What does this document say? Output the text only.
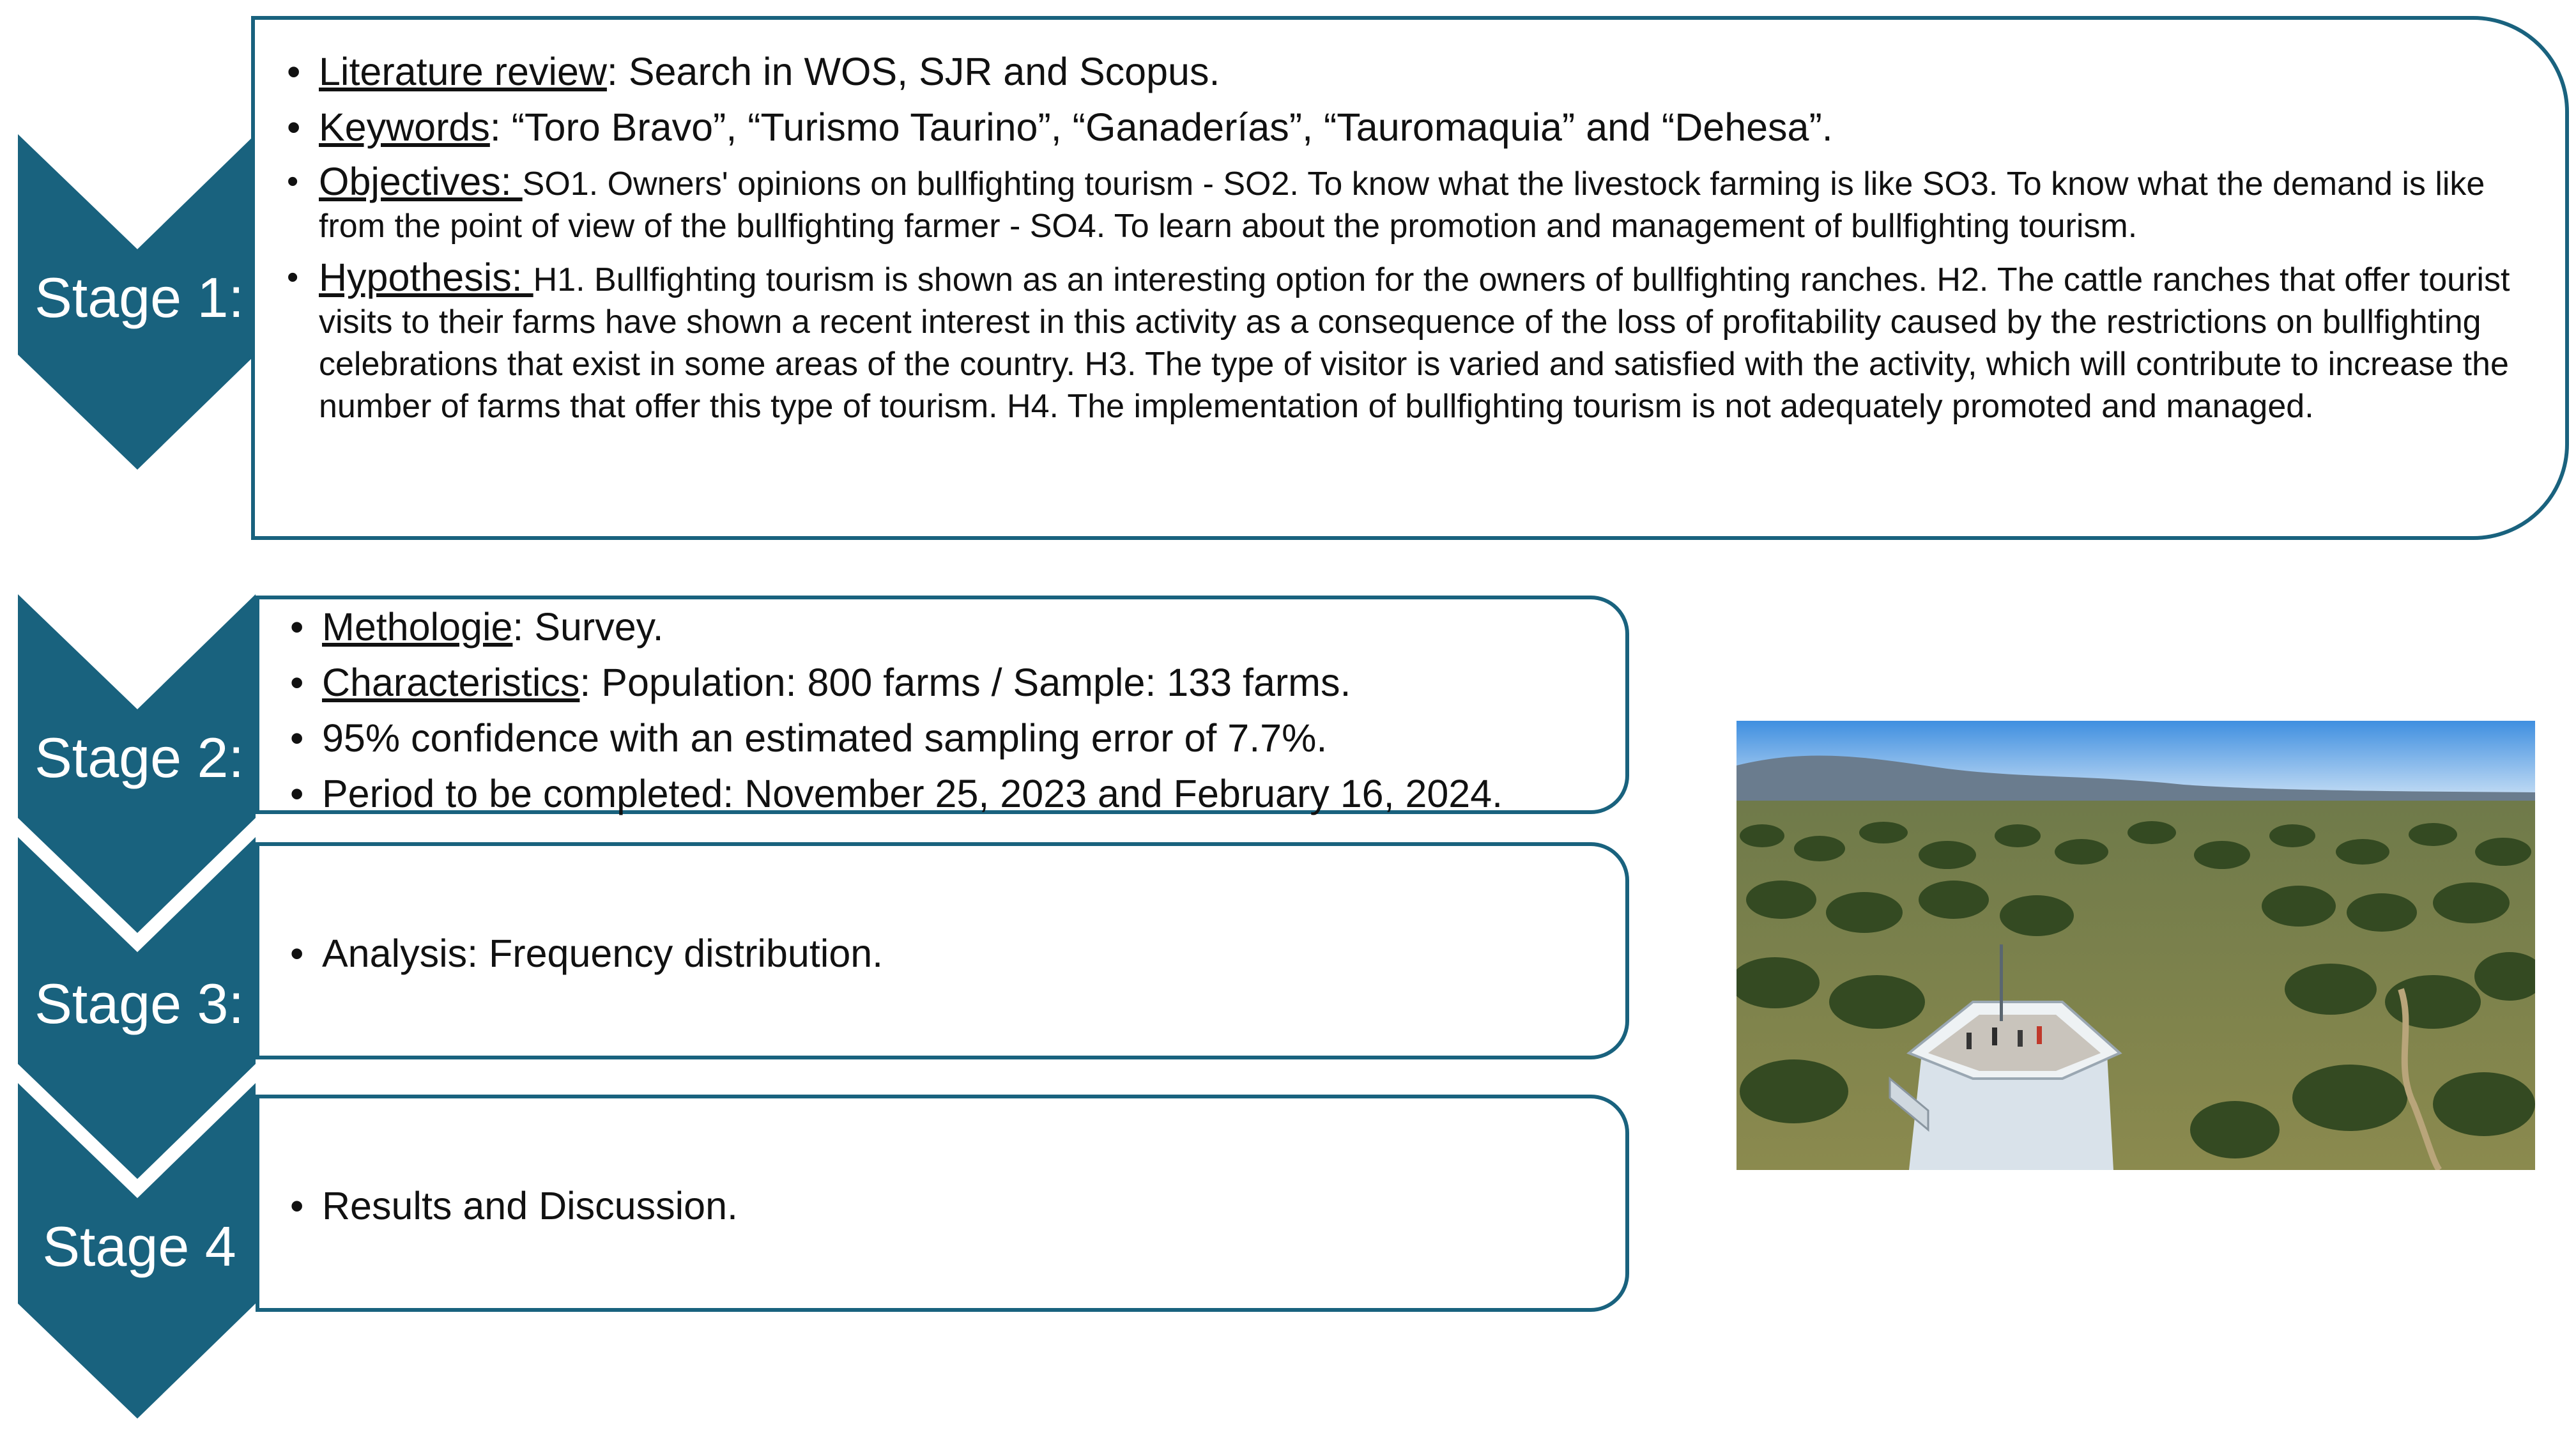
Stage 1:
Stage 2:
Stage 3:
Stage 4
• Literature review: Search in WOS, SJR and Scopus.
• Keywords: “Toro Bravo”, “Turismo Taurino”, “Ganaderías”, “Tauromaquia” and “Dehesa”.
• Objectives: SO1. Owners' opinions on bullfighting tourism - SO2. To know what the livestock farming is like SO3. To know what the demand is like from the point of view of the bullfighting farmer - SO4. To learn about the promotion and management of bullfighting tourism.
• Hypothesis: H1. Bullfighting tourism is shown as an interesting option for the owners of bullfighting ranches. H2. The cattle ranches that offer tourist visits to their farms have shown a recent interest in this activity as a consequence of the loss of profitability caused by the restrictions on bullfighting celebrations that exist in some areas of the country. H3. The type of visitor is varied and satisfied with the activity, which will contribute to increase the number of farms that offer this type of tourism. H4. The implementation of bullfighting tourism is not adequately promoted and managed.
• Methologie: Survey.
• Characteristics: Population: 800 farms / Sample: 133 farms.
• 95% confidence with an estimated sampling error of 7.7%.
• Period to be completed: November 25, 2023 and February 16, 2024.
• Analysis: Frequency distribution.
• Results and Discussion.
